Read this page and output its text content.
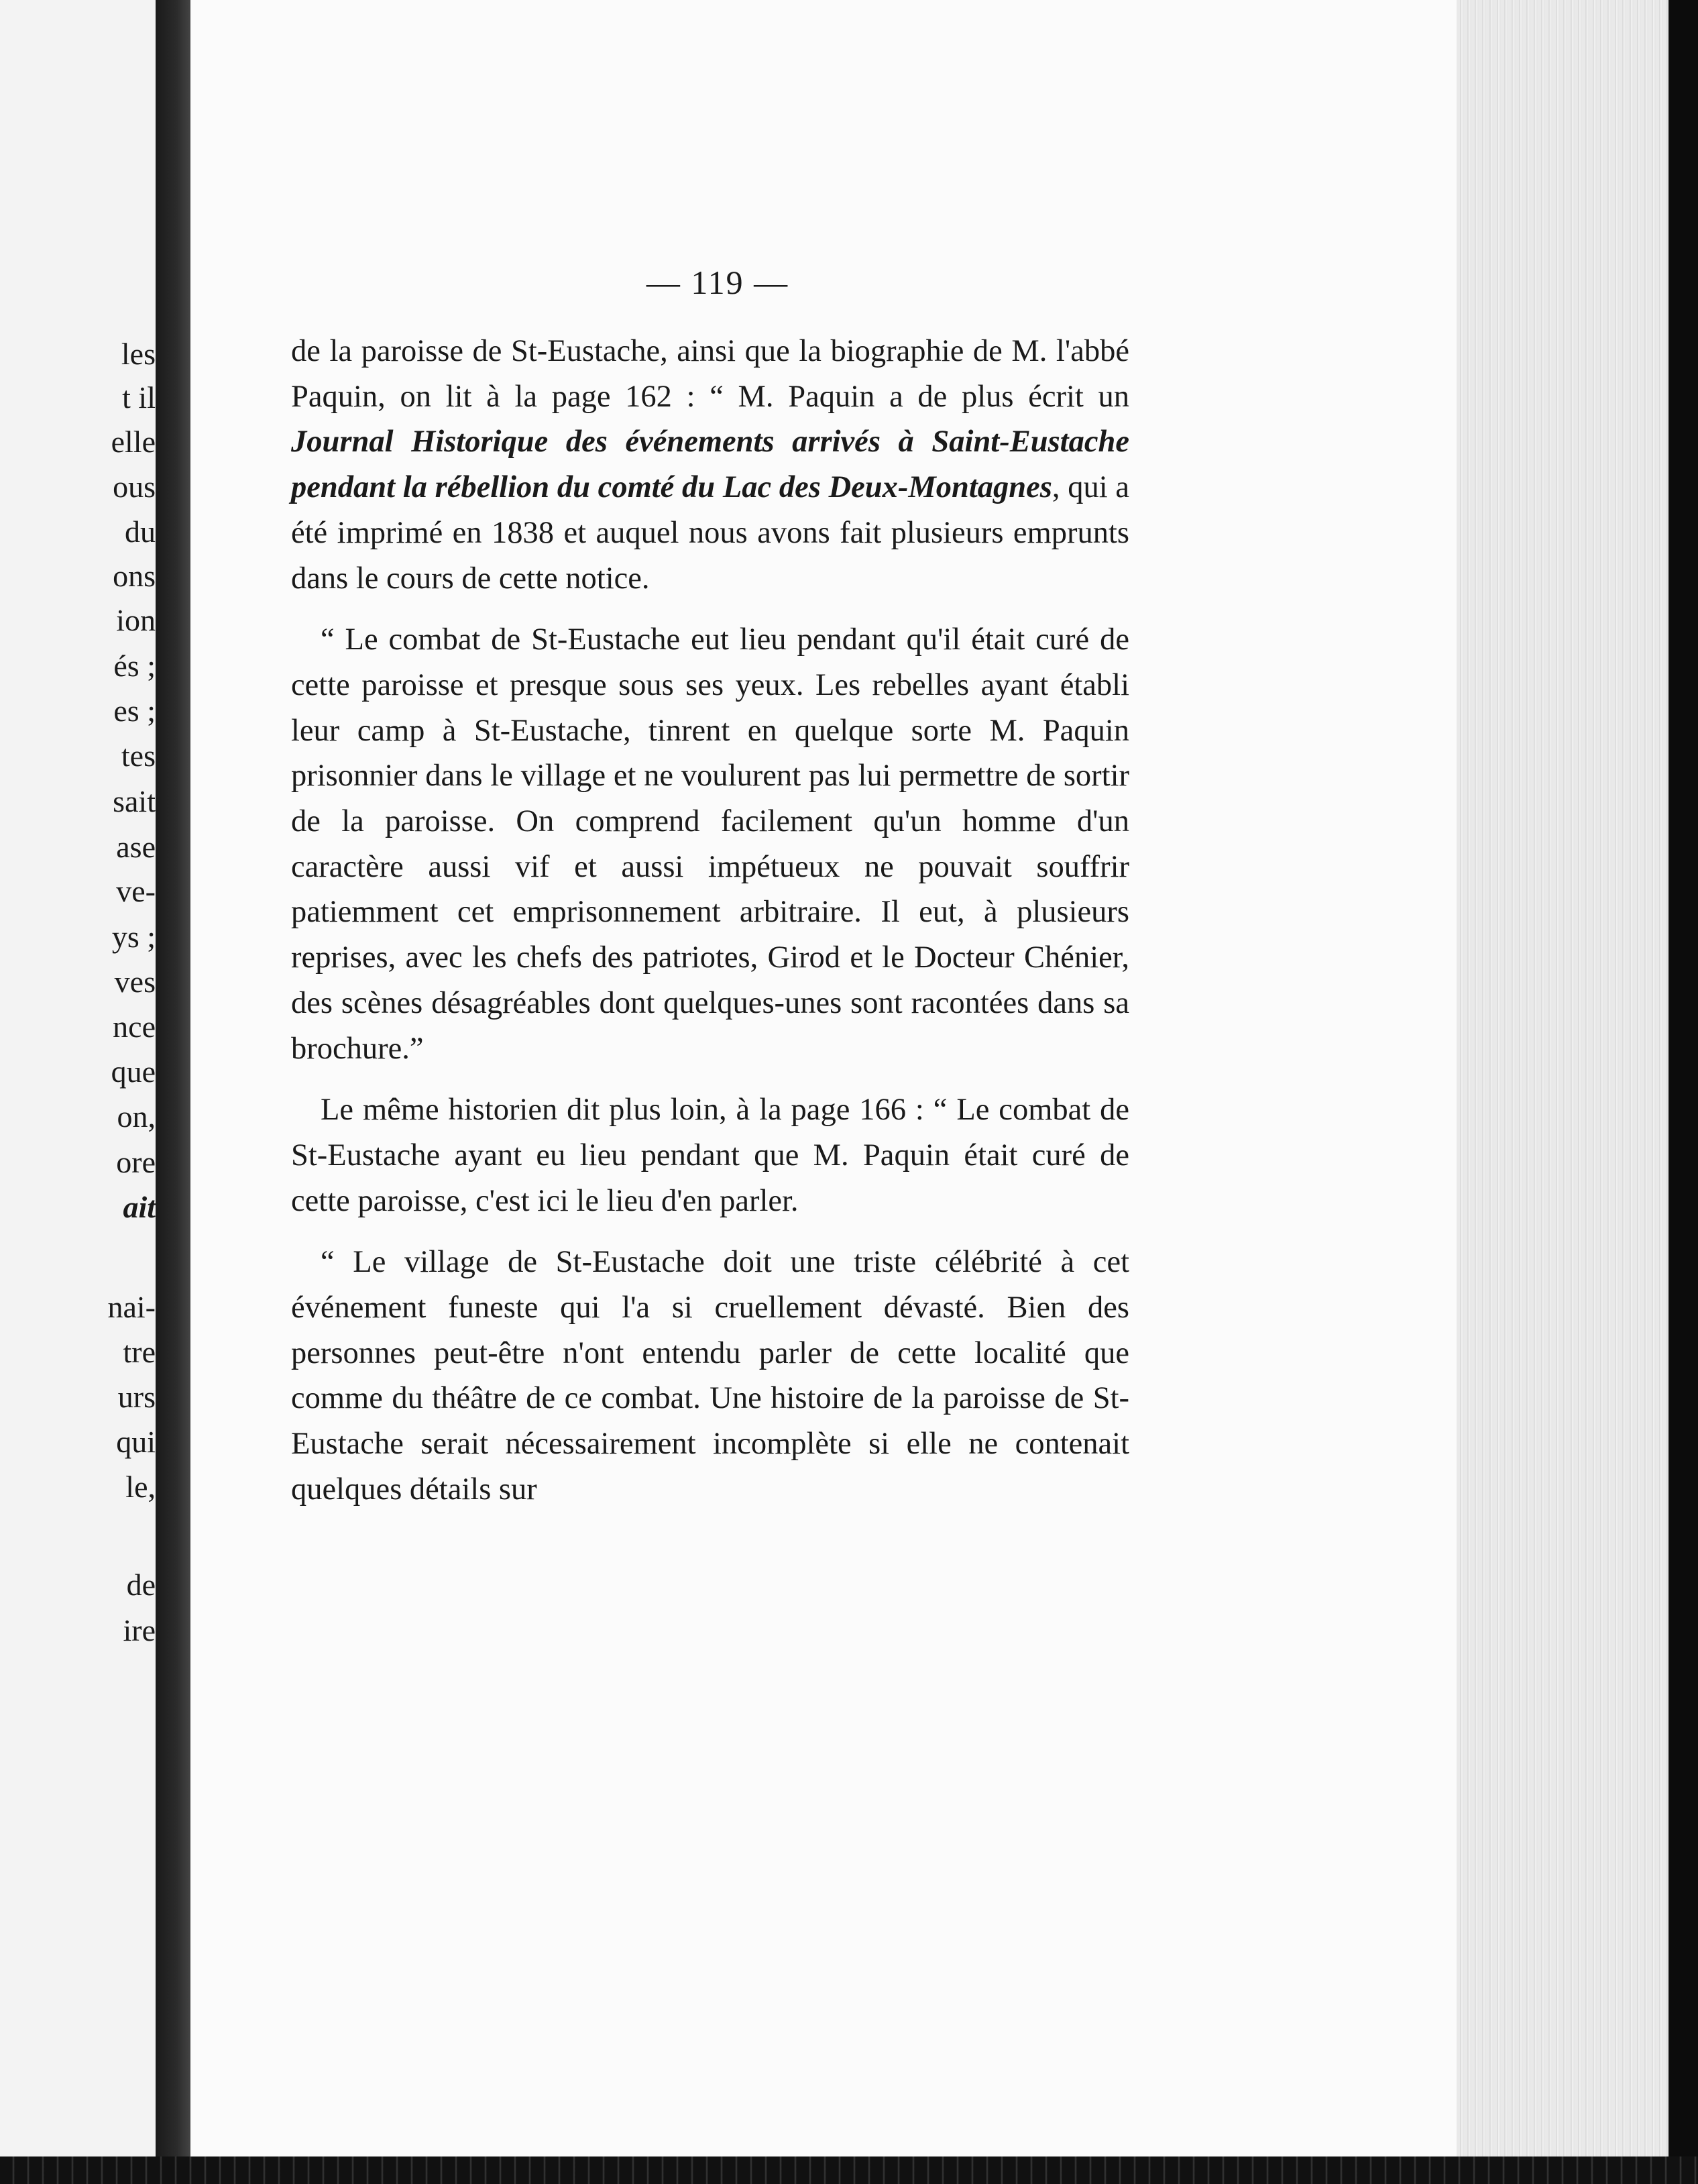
les
t il
elle
ous
du
ons
ion
és ;
es ;
tes
sait
ase
ve-
ys ;
ves
nce
que
on,
ore
ait
nai-
tre
urs
qui
le,
de
ire
— 119 —

de la paroisse de St-Eustache, ainsi que la biographie de M. l'abbé Paquin, on lit à la page 162 : “ M. Paquin a de plus écrit un Journal Historique des événements arrivés à Saint-Eustache pendant la rébellion du comté du Lac des Deux-Montagnes, qui a été imprimé en 1838 et auquel nous avons fait plusieurs emprunts dans le cours de cette notice.

“ Le combat de St-Eustache eut lieu pendant qu'il était curé de cette paroisse et presque sous ses yeux. Les rebelles ayant établi leur camp à St-Eustache, tinrent en quelque sorte M. Paquin prisonnier dans le village et ne voulurent pas lui permettre de sortir de la paroisse. On comprend facilement qu'un homme d'un caractère aussi vif et aussi impétueux ne pouvait souffrir patiemment cet emprisonnement arbitraire. Il eut, à plusieurs reprises, avec les chefs des patriotes, Girod et le Docteur Chénier, des scènes désagréables dont quelques-unes sont racontées dans sa brochure.”

Le même historien dit plus loin, à la page 166 : “ Le combat de St-Eustache ayant eu lieu pendant que M. Paquin était curé de cette paroisse, c'est ici le lieu d'en parler.

“ Le village de St-Eustache doit une triste célébrité à cet événement funeste qui l'a si cruellement dévasté. Bien des personnes peut-être n'ont entendu parler de cette localité que comme du théâtre de ce combat. Une histoire de la paroisse de St-Eustache serait nécessairement incomplète si elle ne contenait quelques détails sur
